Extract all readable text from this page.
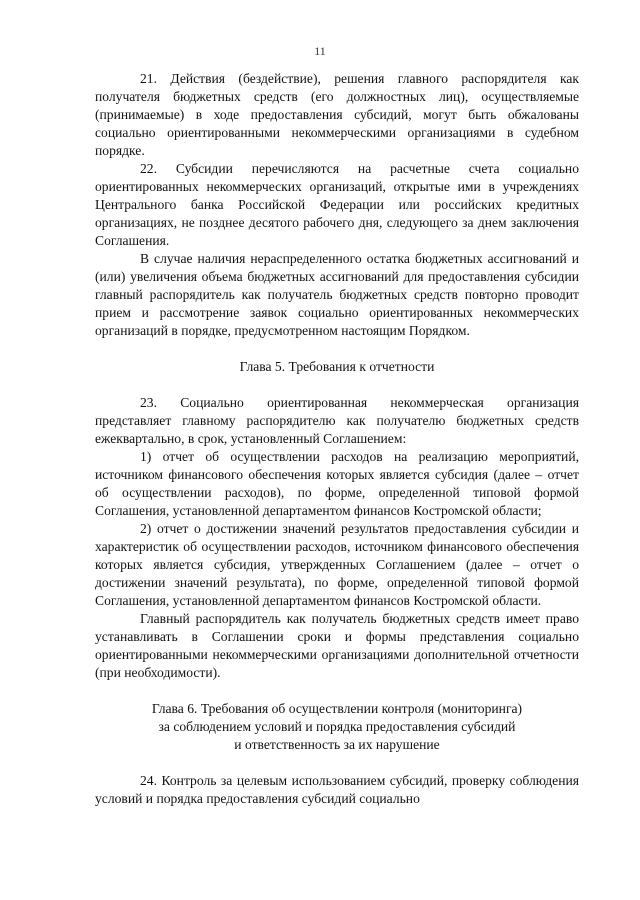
11

21. Действия (бездействие), решения главного распорядителя как получателя бюджетных средств (его должностных лиц), осуществляемые (принимаемые) в ходе предоставления субсидий, могут быть обжалованы социально ориентированными некоммерческими организациями в судебном порядке.

22. Субсидии перечисляются на расчетные счета социально ориентированных некоммерческих организаций, открытые ими в учреждениях Центрального банка Российской Федерации или российских кредитных организациях, не позднее десятого рабочего дня, следующего за днем заключения Соглашения.

В случае наличия нераспределенного остатка бюджетных ассигнований и (или) увеличения объема бюджетных ассигнований для предоставления субсидии главный распорядитель как получатель бюджетных средств повторно проводит прием и рассмотрение заявок социально ориентированных некоммерческих организаций в порядке, предусмотренном настоящим Порядком.

Глава 5. Требования к отчетности

23. Социально ориентированная некоммерческая организация представляет главному распорядителю как получателю бюджетных средств ежеквартально, в срок, установленный Соглашением:

1) отчет об осуществлении расходов на реализацию мероприятий, источником финансового обеспечения которых является субсидия (далее – отчет об осуществлении расходов), по форме, определенной типовой формой Соглашения, установленной департаментом финансов Костромской области;

2) отчет о достижении значений результатов предоставления субсидии и характеристик об осуществлении расходов, источником финансового обеспечения которых является субсидия, утвержденных Соглашением (далее – отчет о достижении значений результата), по форме, определенной типовой формой Соглашения, установленной департаментом финансов Костромской области.

Главный распорядитель как получатель бюджетных средств имеет право устанавливать в Соглашении сроки и формы представления социально ориентированными некоммерческими организациями дополнительной отчетности (при необходимости).

Глава 6. Требования об осуществлении контроля (мониторинга)
за соблюдением условий и порядка предоставления субсидий
и ответственность за их нарушение

24. Контроль за целевым использованием субсидий, проверку соблюдения условий и порядка предоставления субсидий социально
